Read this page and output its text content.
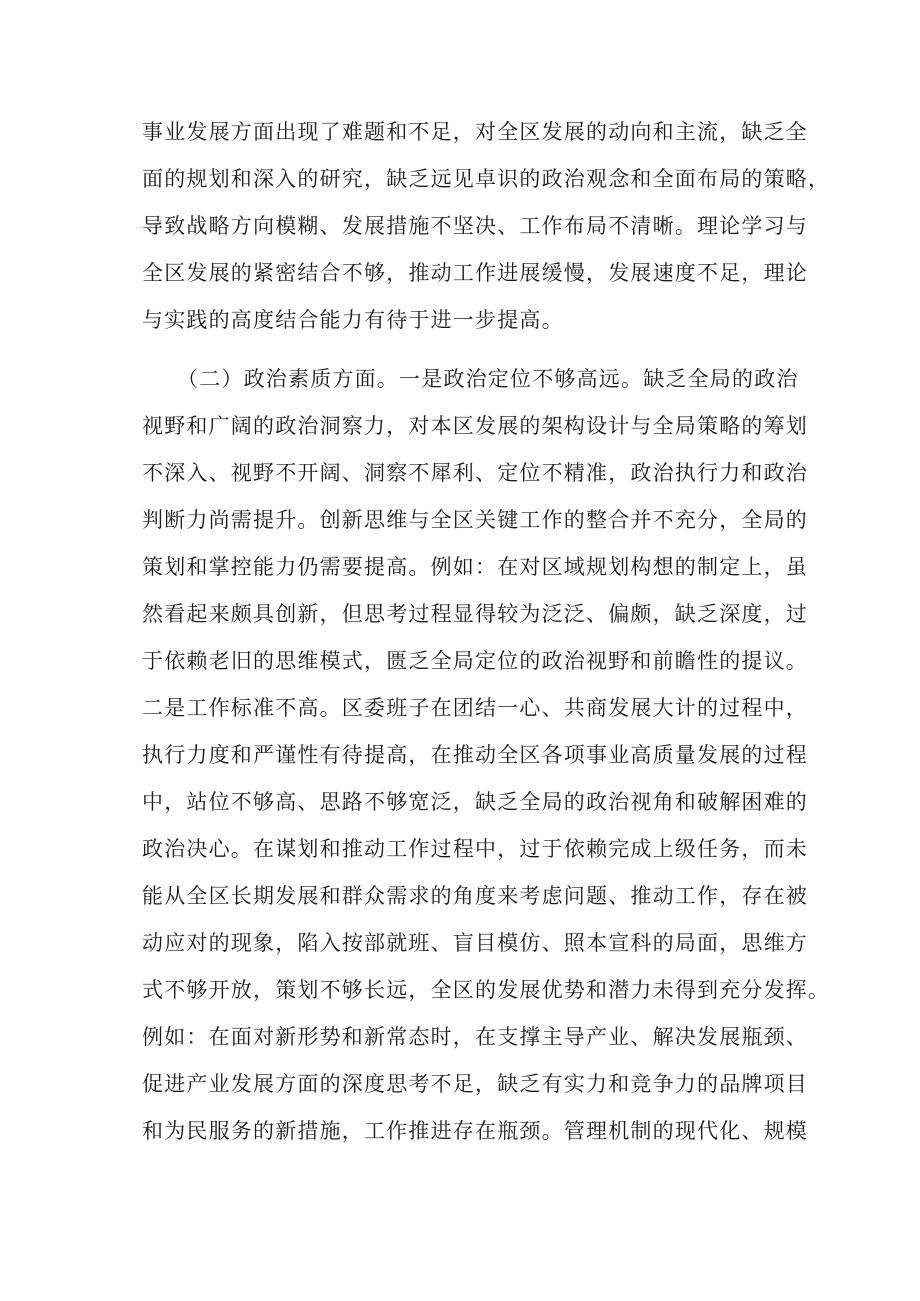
事业发展方面出现了难题和不足，对全区发展的动向和主流，缺乏全
面的规划和深入的研究，缺乏远见卓识的政治观念和全面布局的策略，
导致战略方向模糊、发展措施不坚决、工作布局不清晰。理论学习与
全区发展的紧密结合不够，推动工作进展缓慢，发展速度不足，理论
与实践的高度结合能力有待于进一步提高。
（二）政治素质方面。一是政治定位不够高远。缺乏全局的政治
视野和广阔的政治洞察力，对本区发展的架构设计与全局策略的筹划
不深入、视野不开阔、洞察不犀利、定位不精准，政治执行力和政治
判断力尚需提升。创新思维与全区关键工作的整合并不充分，全局的
策划和掌控能力仍需要提高。例如：在对区域规划构想的制定上，虽
然看起来颇具创新，但思考过程显得较为泛泛、偏颇，缺乏深度，过
于依赖老旧的思维模式，匮乏全局定位的政治视野和前瞻性的提议。
二是工作标准不高。区委班子在团结一心、共商发展大计的过程中，
执行力度和严谨性有待提高，在推动全区各项事业高质量发展的过程
中，站位不够高、思路不够宽泛，缺乏全局的政治视角和破解困难的
政治决心。在谋划和推动工作过程中，过于依赖完成上级任务，而未
能从全区长期发展和群众需求的角度来考虑问题、推动工作，存在被
动应对的现象，陷入按部就班、盲目模仿、照本宣科的局面，思维方
式不够开放，策划不够长远，全区的发展优势和潜力未得到充分发挥。
例如：在面对新形势和新常态时，在支撑主导产业、解决发展瓶颈、
促进产业发展方面的深度思考不足，缺乏有实力和竞争力的品牌项目
和为民服务的新措施，工作推进存在瓶颈。管理机制的现代化、规模
